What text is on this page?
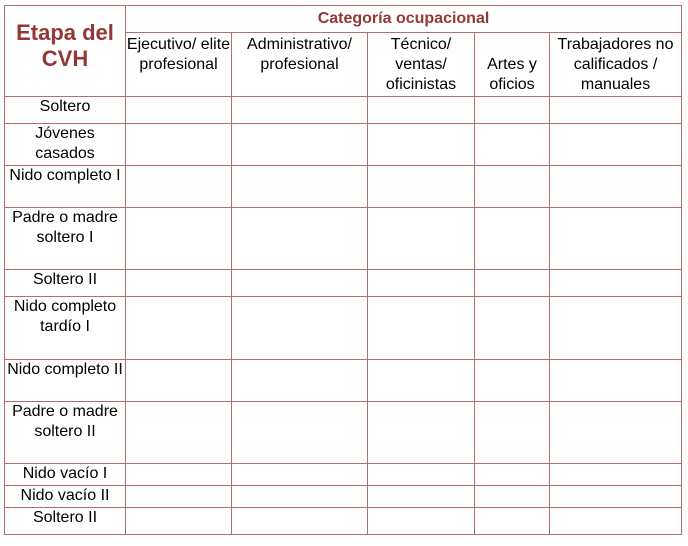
Etapa del CVH	Categoría ocupacional				
	Ejecutivo/ elite profesional	Administrativo/ profesional	Técnico/ ventas/ oficinistas	Artes y oficios	Trabajadores no calificados / manuales
Soltero					
Jóvenes casados					
Nido completo I					
Padre o madre soltero I					
Soltero II					
Nido completo tardío I					
Nido completo II					
Padre o madre soltero II					
Nido vacío I					
Nido vacío II					
Soltero II					
